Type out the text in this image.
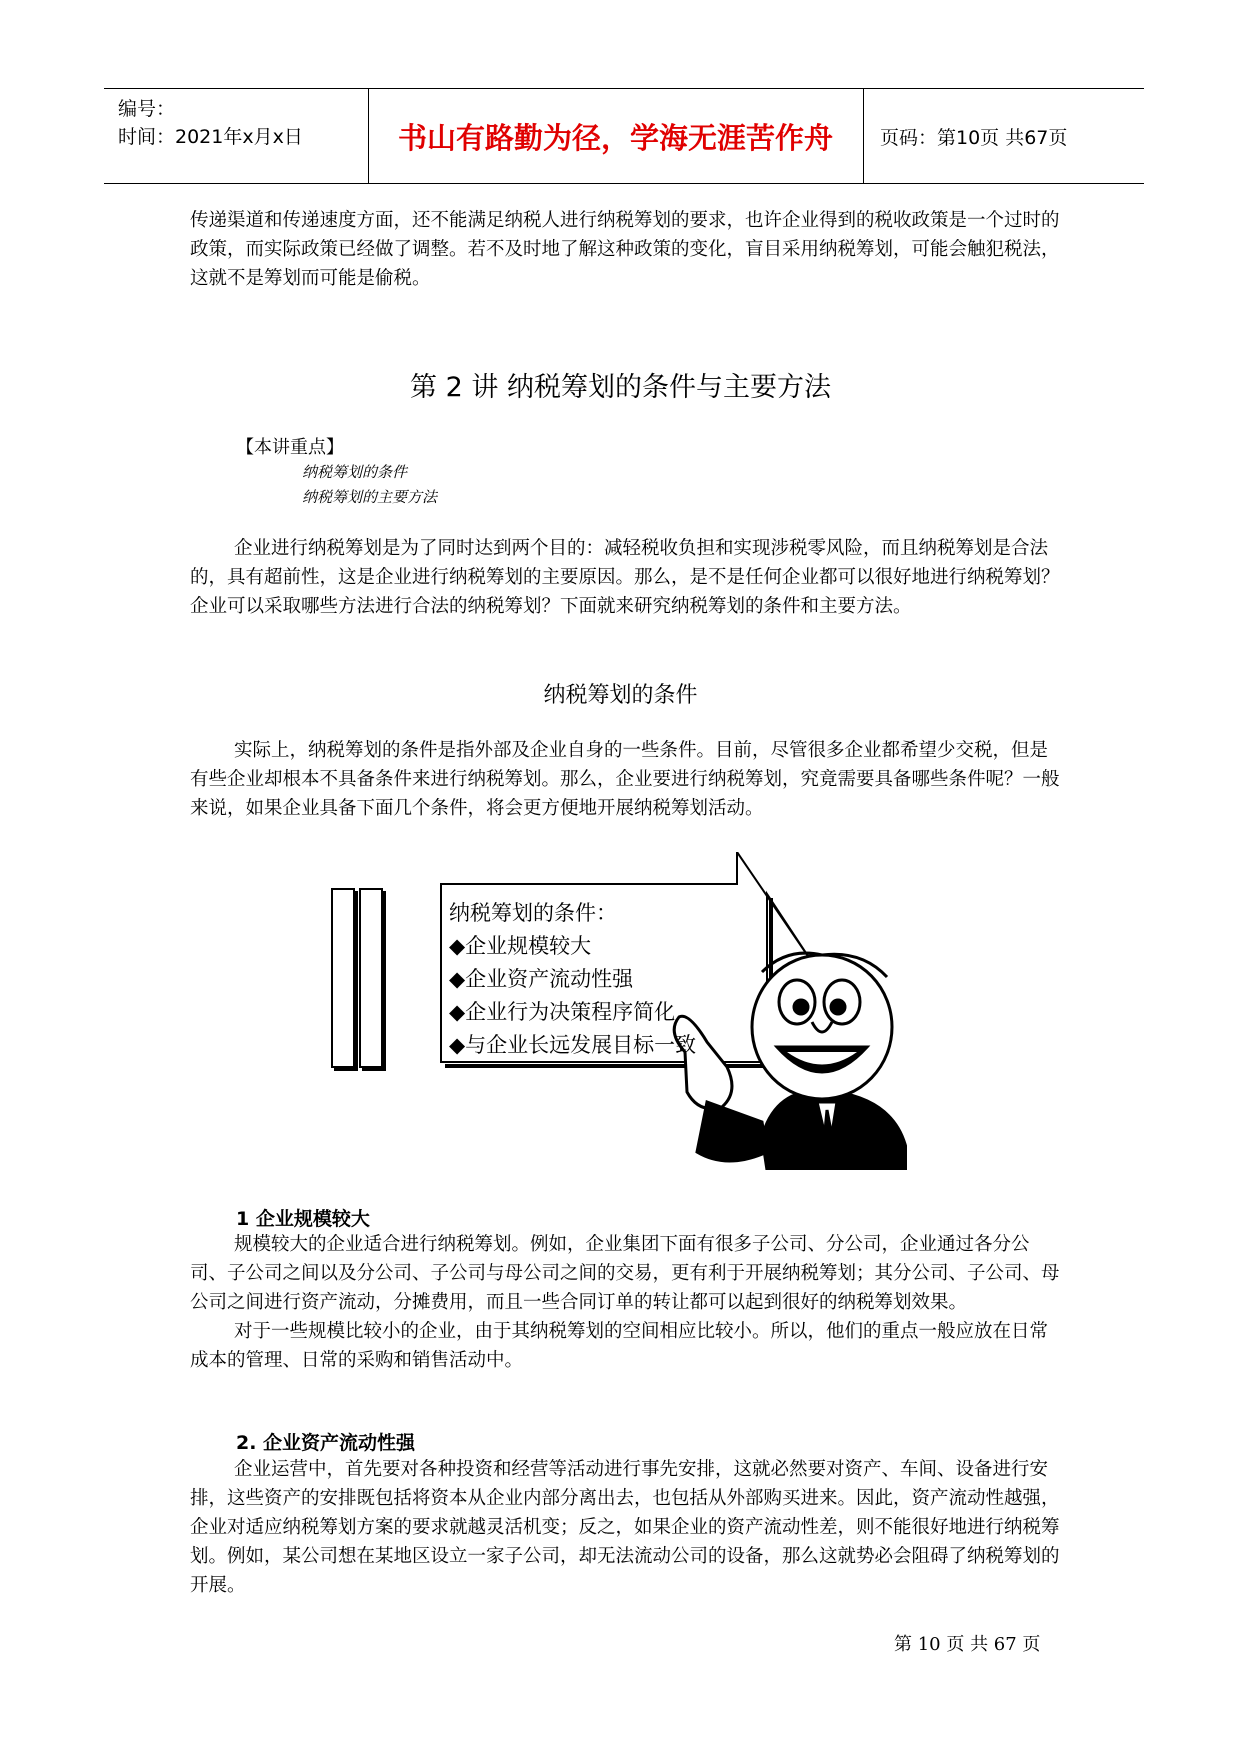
编号：
时间：2021年x月x日	书山有路勤为径，学海无涯苦作舟	页码：第10页 共67页

传递渠道和传递速度方面，还不能满足纳税人进行纳税筹划的要求，也许企业得到的税收政策是一个过时的政策，而实际政策已经做了调整。若不及时地了解这种政策的变化，盲目采用纳税筹划，可能会触犯税法，这就不是筹划而可能是偷税。

第 2 讲 纳税筹划的条件与主要方法
【本讲重点】
纳税筹划的条件
纳税筹划的主要方法

企业进行纳税筹划是为了同时达到两个目的：减轻税收负担和实现涉税零风险，而且纳税筹划是合法的，具有超前性，这是企业进行纳税筹划的主要原因。那么，是不是任何企业都可以很好地进行纳税筹划？企业可以采取哪些方法进行合法的纳税筹划？下面就来研究纳税筹划的条件和主要方法。

纳税筹划的条件

实际上，纳税筹划的条件是指外部及企业自身的一些条件。目前，尽管很多企业都希望少交税，但是有些企业却根本不具备条件来进行纳税筹划。那么，企业要进行纳税筹划，究竟需要具备哪些条件呢？一般来说，如果企业具备下面几个条件，将会更方便地开展纳税筹划活动。

纳税筹划的条件：
◆企业规模较大
◆企业资产流动性强
◆企业行为决策程序简化
◆与企业长远发展目标一致
1 企业规模较大

规模较大的企业适合进行纳税筹划。例如，企业集团下面有很多子公司、分公司，企业通过各分公司、子公司之间以及分公司、子公司与母公司之间的交易，更有利于开展纳税筹划；其分公司、子公司、母公司之间进行资产流动，分摊费用，而且一些合同订单的转让都可以起到很好的纳税筹划效果。

对于一些规模比较小的企业，由于其纳税筹划的空间相应比较小。所以，他们的重点一般应放在日常成本的管理、日常的采购和销售活动中。

2. 企业资产流动性强

企业运营中，首先要对各种投资和经营等活动进行事先安排，这就必然要对资产、车间、设备进行安排，这些资产的安排既包括将资本从企业内部分离出去，也包括从外部购买进来。因此，资产流动性越强，企业对适应纳税筹划方案的要求就越灵活机变；反之，如果企业的资产流动性差，则不能很好地进行纳税筹划。例如，某公司想在某地区设立一家子公司，却无法流动公司的设备，那么这就势必会阻碍了纳税筹划的开展。

第 10 页 共 67 页
